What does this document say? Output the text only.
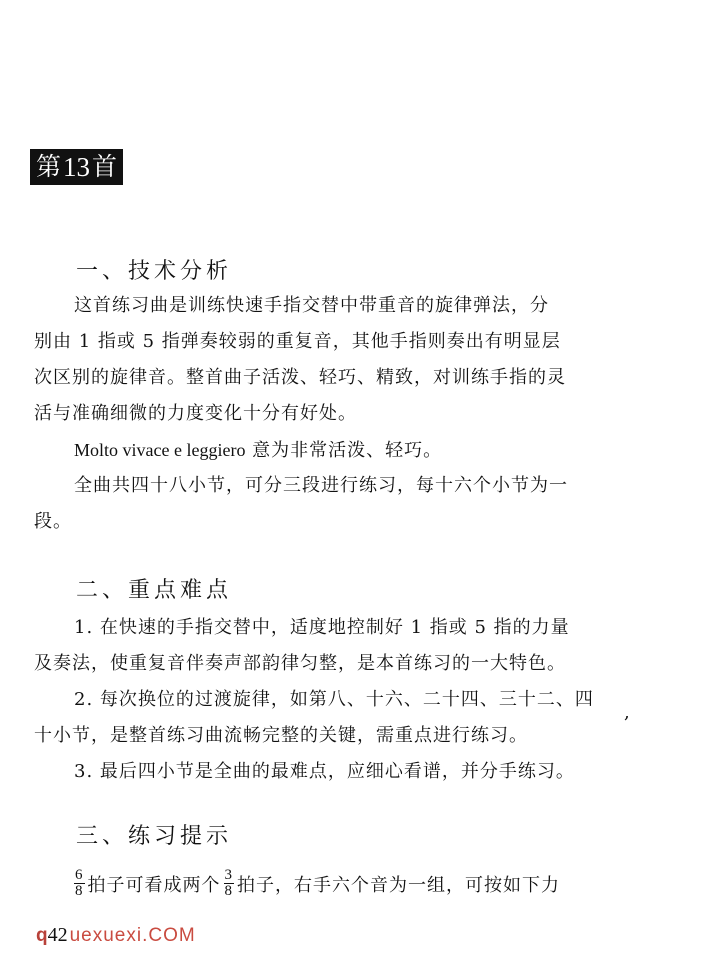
第 13 首
一、技术分析
这首练习曲是训练快速手指交替中带重音的旋律弹法，分
别由 1 指或 5 指弹奏较弱的重复音，其他手指则奏出有明显层
次区别的旋律音。整首曲子活泼、轻巧、精致，对训练手指的灵
活与准确细微的力度变化十分有好处。
Molto vivace e leggiero 意为非常活泼、轻巧。
全曲共四十八小节，可分三段进行练习，每十六个小节为一
段。
二、重点难点
1. 在快速的手指交替中，适度地控制好 1 指或 5 指的力量
及奏法，使重复音伴奏声部韵律匀整，是本首练习的一大特色。
2. 每次换位的过渡旋律，如第八、十六、二十四、三十二、四
十小节，是整首练习曲流畅完整的关键，需重点进行练习。
3. 最后四小节是全曲的最难点，应细心看谱，并分手练习。
,
三、练习提示
$\frac{6}{8}$ 拍子可看成两个 $\frac{3}{8}$ 拍子，右手六个音为一组，可按如下力
q42 uexuexi.COM
